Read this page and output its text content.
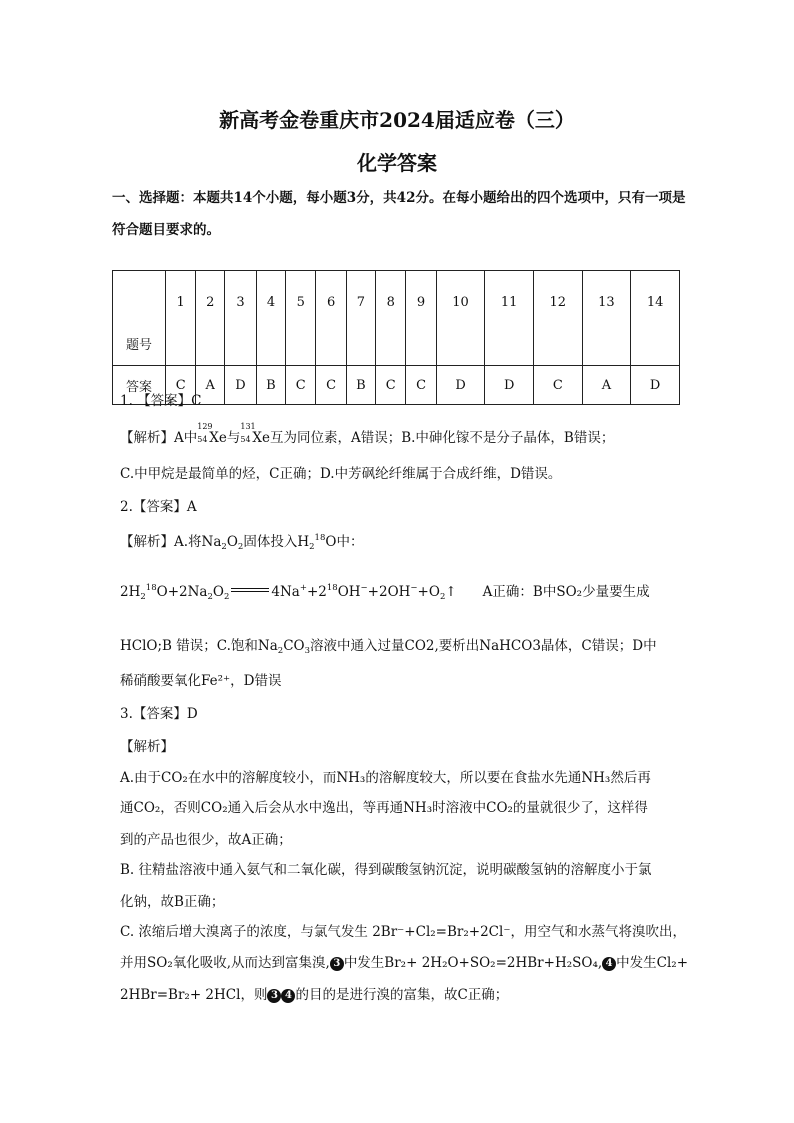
新高考金卷重庆市2024届适应卷（三）
化学答案
一、选择题：本题共14个小题，每小题3分，共42分。在每小题给出的四个选项中，只有一项是符合题目要求的。
题号	1	2	3	4	5	6	7	8	9	10	11	12	13	14
答案	C	A	D	B	C	C	B	C	C	D	D	C	A	D
1. 【答案】C
【解析】A中
129
54 Xe与
131
54 Xe互为同位素，A错误；B.中砷化镓不是分子晶体，B错误；
C.中甲烷是最简单的烃，C正确；D.中芳砜纶纤维属于合成纤维，D错误。
2.【答案】A
【解析】A.将$Na_2O_2$固体投入$H_2^{18}O$中：
$2H_2^{18}O+2Na_2O_2$	$4Na^++2^{18}OH^-+2OH^-+O_2↑$ A正确：B中SO₂少量要生成
HClO;B 错误；C.饱和$Na_2CO_3$溶液中通入过量CO2,要析出NaHCO3晶体，C错误；D中
稀硝酸要氧化Fe²⁺，D错误
3.【答案】D
【解析】
A.由于CO₂在水中的溶解度较小，而NH₃的溶解度较大，所以要在食盐水先通NH₃然后再
通CO₂，否则CO₂通入后会从水中逸出，等再通NH₃时溶液中CO₂的量就很少了，这样得
到的产品也很少，故A正确；
B. 往精盐溶液中通入氨气和二氧化碳，得到碳酸氢钠沉淀，说明碳酸氢钠的溶解度小于氯
化钠，故B正确；
C. 浓缩后增大溴离子的浓度，与氯气发生 2Br⁻+Cl₂=Br₂+2Cl⁻，用空气和水蒸气将溴吹出，
并用SO₂氧化吸收,从而达到富集溴, 3 中发生Br₂+ 2H₂O+SO₂=2HBr+H₂SO₄, 4 中发生Cl₂+
2HBr=Br₂+ 2HCl，则 3 4 的目的是进行溴的富集，故C正确；
